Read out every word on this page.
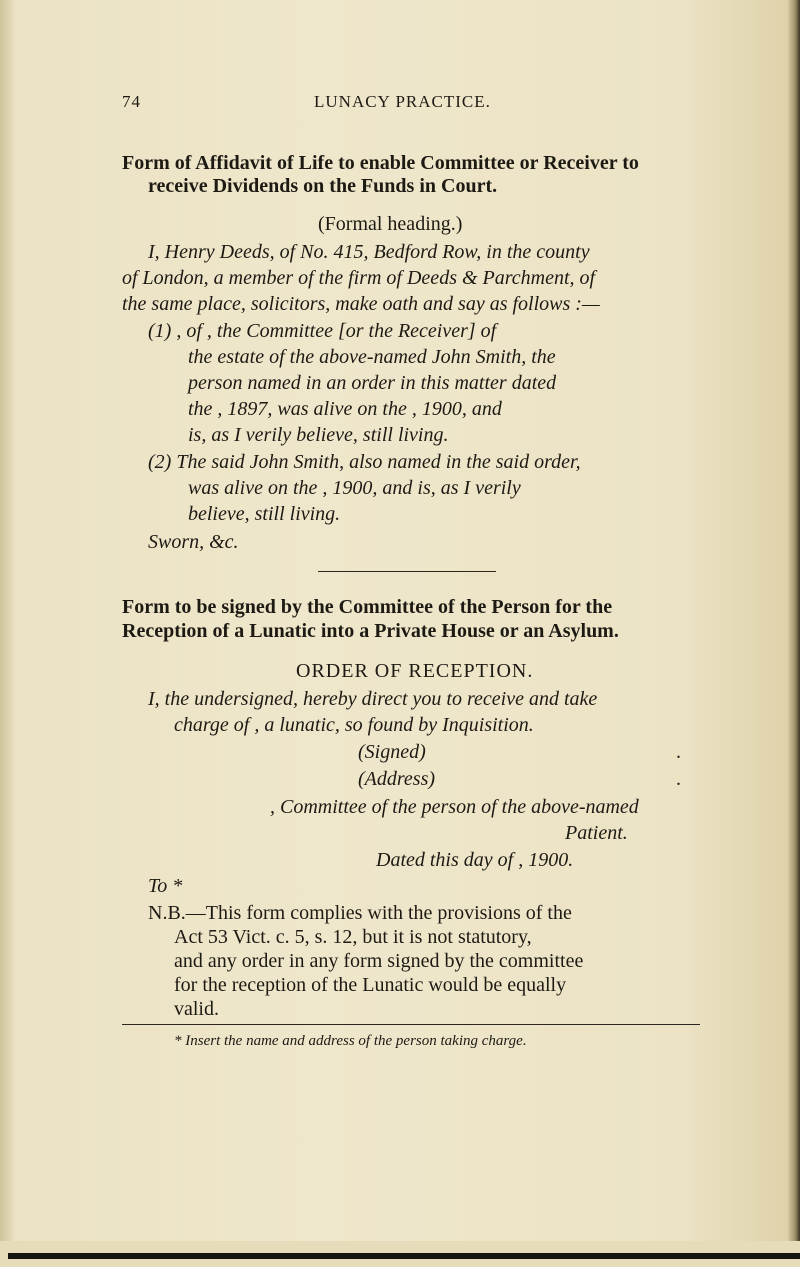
74	LUNACY PRACTICE.

Form of Affidavit of Life to enable Committee or Receiver to

receive Dividends on the Funds in Court.

(Formal heading.)

I, Henry Deeds, of No. 415, Bedford Row, in the county

of London, a member of the firm of Deeds & Parchment, of

the same place, solicitors, make oath and say as follows :—

(1) , of , the Committee [or the Receiver] of

the estate of the above-named John Smith, the

person named in an order in this matter dated

the , 1897, was alive on the , 1900, and

is, as I verily believe, still living.

(2) The said John Smith, also named in the said order,

was alive on the , 1900, and is, as I verily

believe, still living.

Sworn, &c.

Form to be signed by the Committee of the Person for the

Reception of a Lunatic into a Private House or an Asylum.

ORDER OF RECEPTION.

I, the undersigned, hereby direct you to receive and take

charge of , a lunatic, so found by Inquisition.

(Signed)	.

(Address)	.

, Committee of the person of the above-named

Patient.

Dated this day of , 1900.

To *

N.B.—This form complies with the provisions of the

Act 53 Vict. c. 5, s. 12, but it is not statutory,

and any order in any form signed by the committee

for the reception of the Lunatic would be equally

valid.

* Insert the name and address of the person taking charge.
